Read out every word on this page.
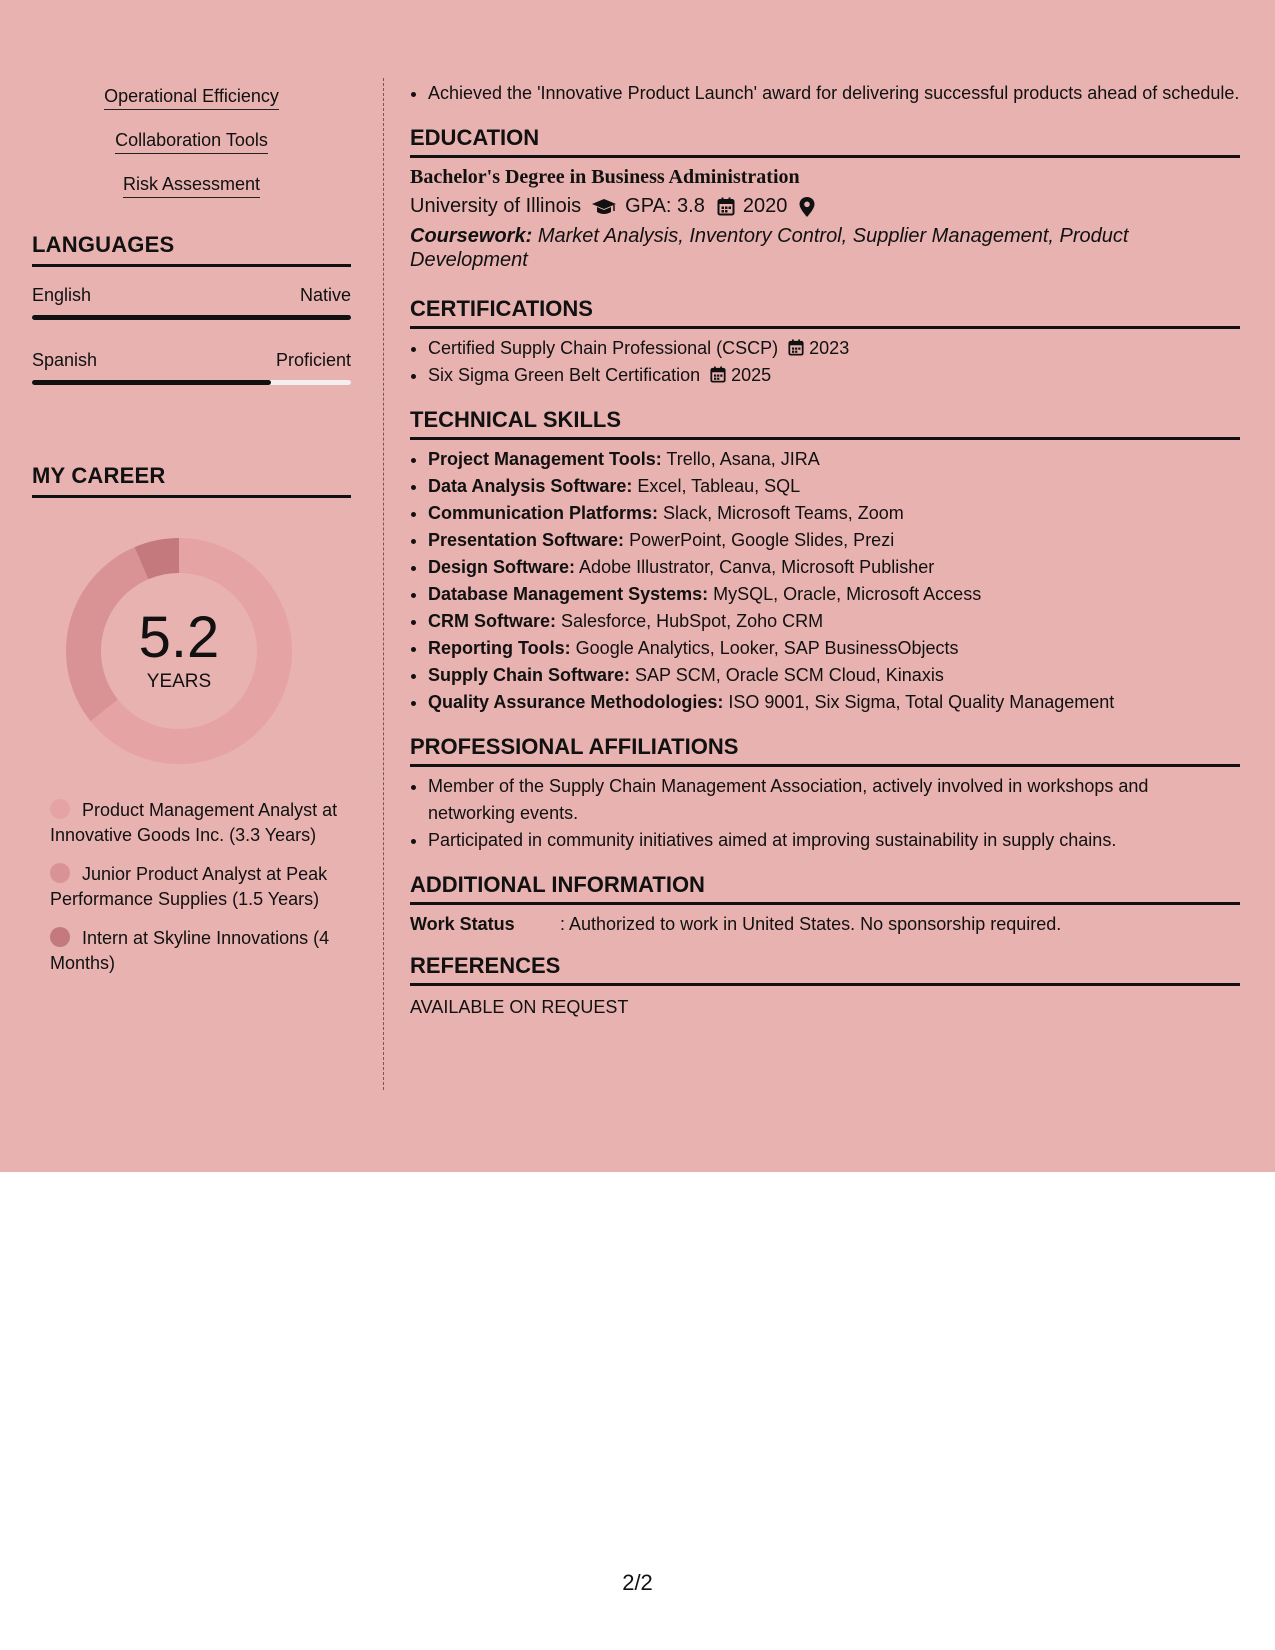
Operational Efficiency
Collaboration Tools
Risk Assessment
LANGUAGES
English	Native
Spanish	Proficient
MY CAREER
5.2
YEARS
Product Management Analyst at Innovative Goods Inc. (3.3 Years)
Junior Product Analyst at Peak Performance Supplies (1.5 Years)
Intern at Skyline Innovations (4 Months)
• Achieved the 'Innovative Product Launch' award for delivering successful products ahead of schedule.
EDUCATION
Bachelor's Degree in Business Administration
University of Illinois GPA: 3.8 2020
Coursework: Market Analysis, Inventory Control, Supplier Management, Product Development
CERTIFICATIONS
• Certified Supply Chain Professional (CSCP) 2023
• Six Sigma Green Belt Certification 2025
TECHNICAL SKILLS
• Project Management Tools: Trello, Asana, JIRA
• Data Analysis Software: Excel, Tableau, SQL
• Communication Platforms: Slack, Microsoft Teams, Zoom
• Presentation Software: PowerPoint, Google Slides, Prezi
• Design Software: Adobe Illustrator, Canva, Microsoft Publisher
• Database Management Systems: MySQL, Oracle, Microsoft Access
• CRM Software: Salesforce, HubSpot, Zoho CRM
• Reporting Tools: Google Analytics, Looker, SAP BusinessObjects
• Supply Chain Software: SAP SCM, Oracle SCM Cloud, Kinaxis
• Quality Assurance Methodologies: ISO 9001, Six Sigma, Total Quality Management
PROFESSIONAL AFFILIATIONS
• Member of the Supply Chain Management Association, actively involved in workshops and networking events.
• Participated in community initiatives aimed at improving sustainability in supply chains.
ADDITIONAL INFORMATION
Work Status	: Authorized to work in United States. No sponsorship required.
REFERENCES
AVAILABLE ON REQUEST
2/2
